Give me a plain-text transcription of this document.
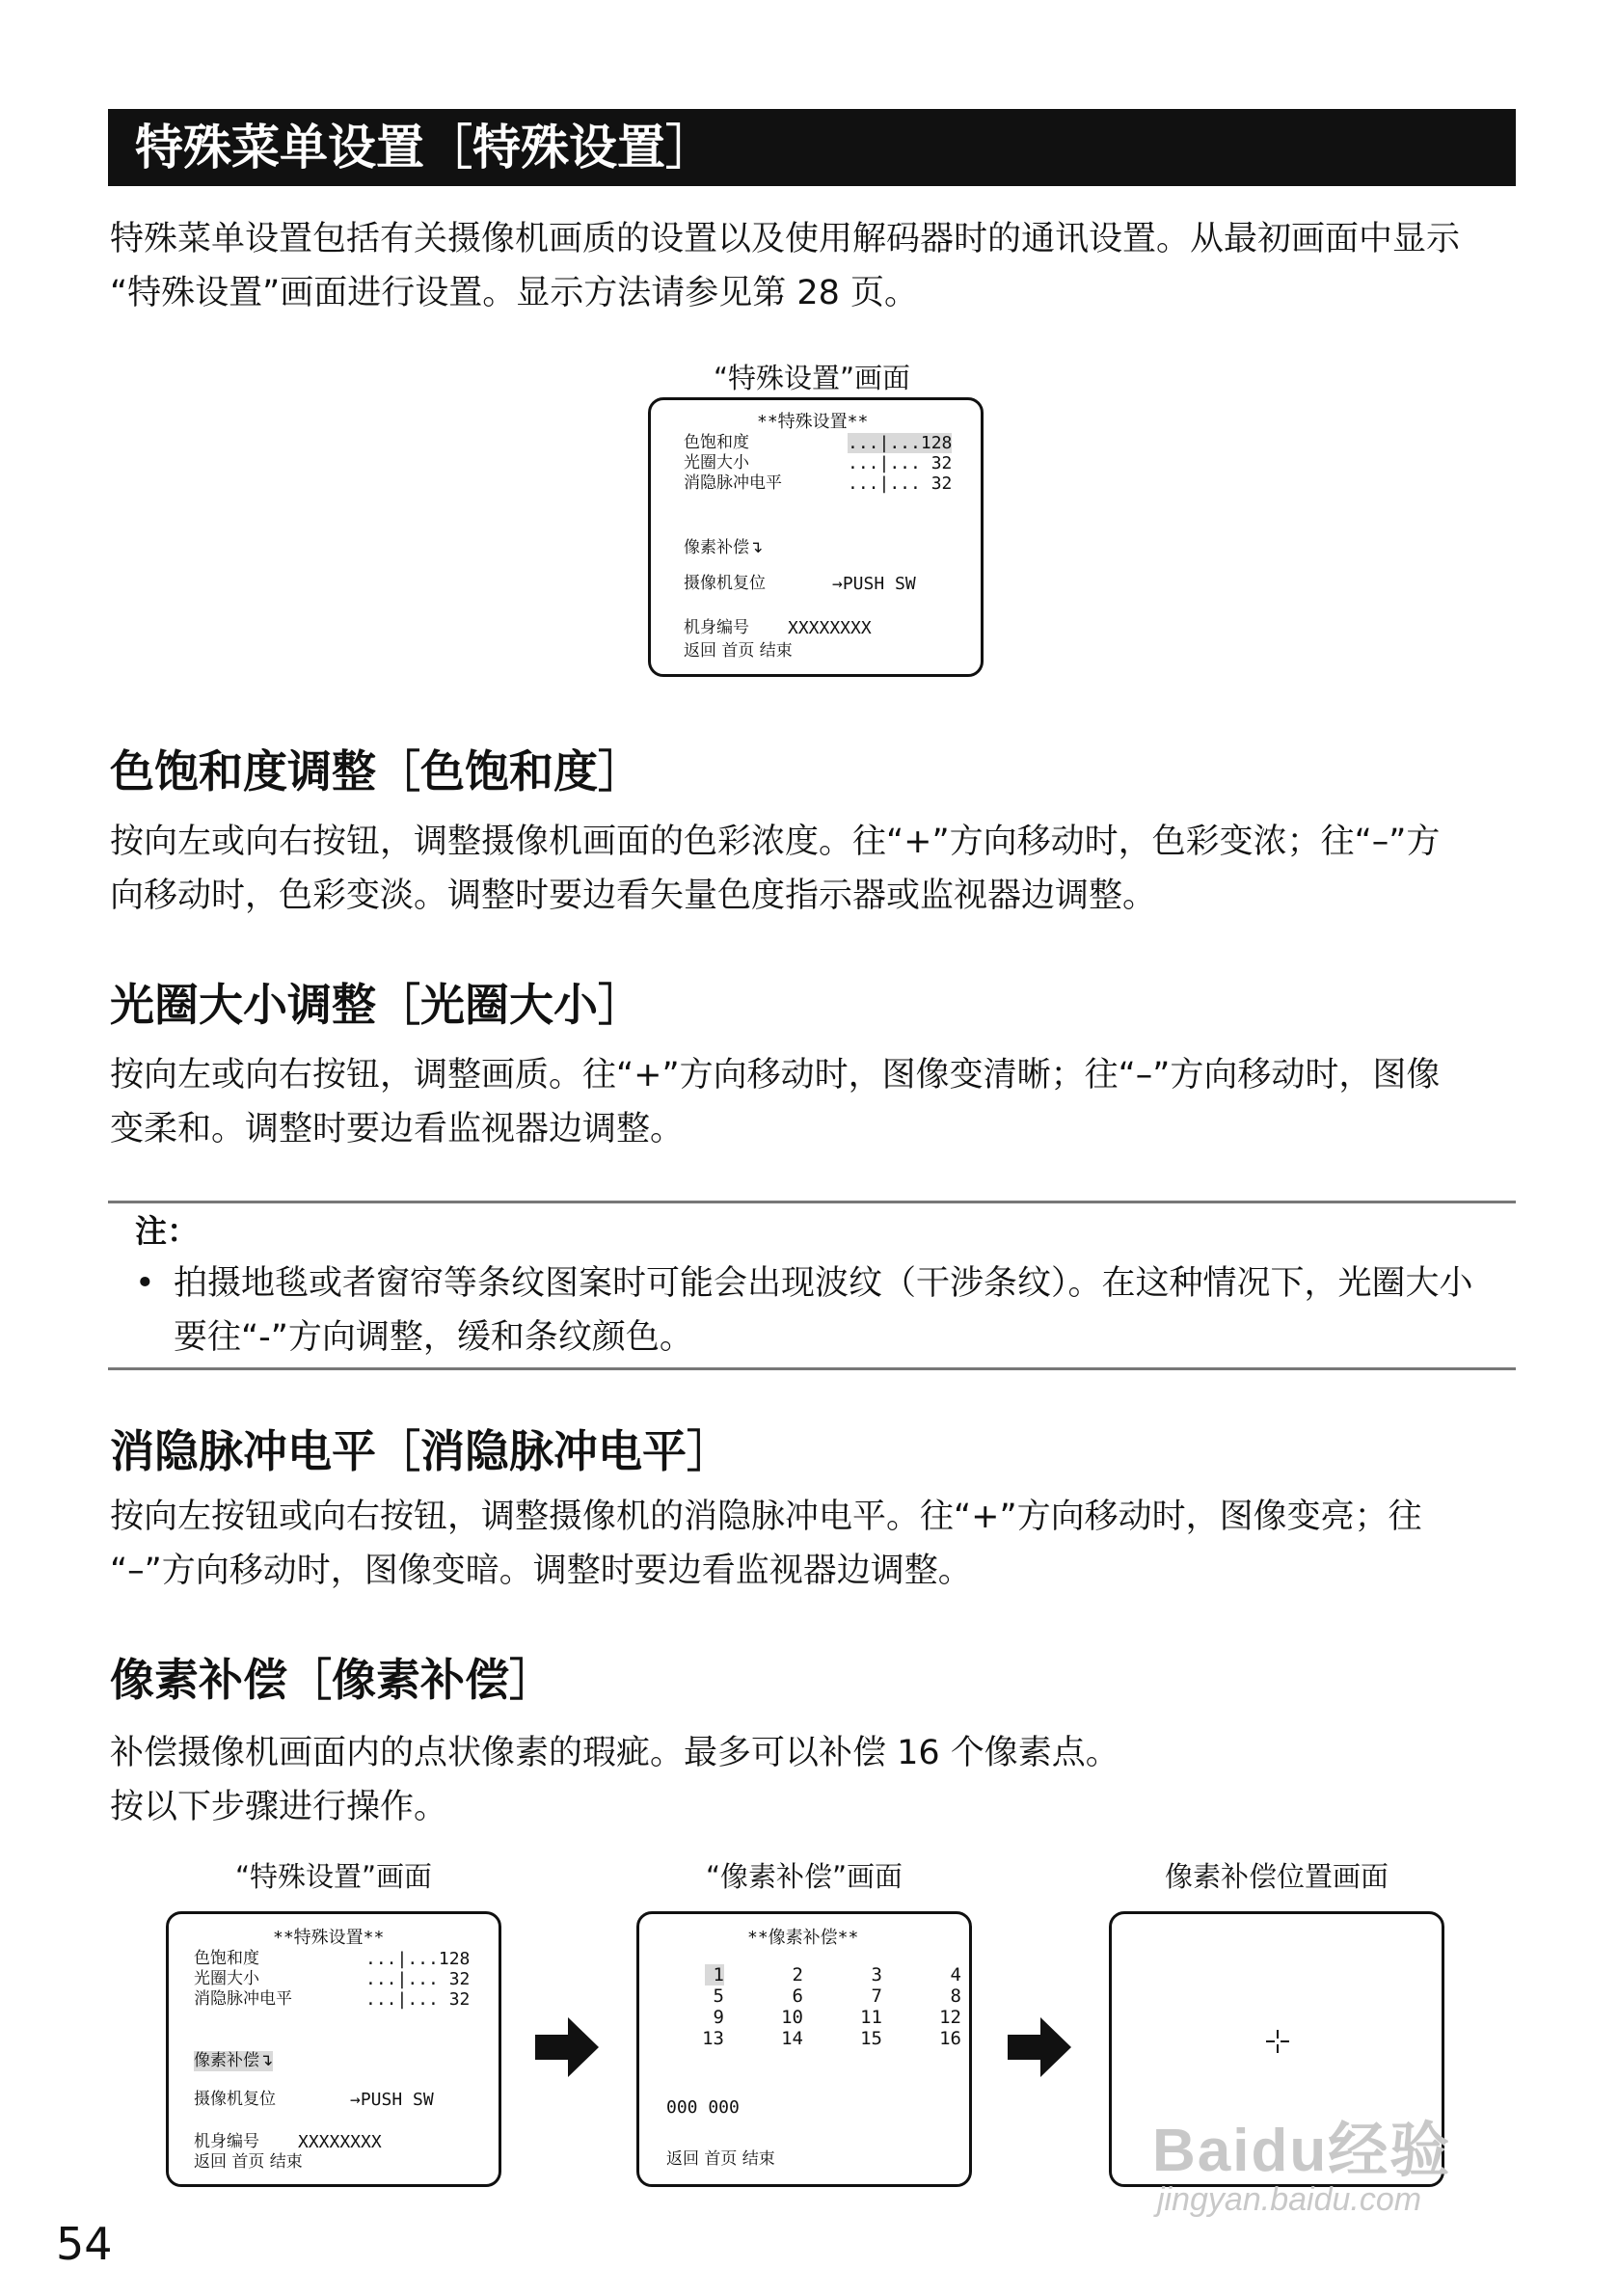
特殊菜单设置［特殊设置］
特殊菜单设置包括有关摄像机画质的设置以及使用解码器时的通讯设置。从最初画面中显示
“特殊设置”画面进行设置。显示方法请参见第 28 页。
“特殊设置”画面
**特殊设置**
色饱和度	...|...128
光圈大小	...|... 32
消隐脉冲电平	...|... 32
像素补偿↴
摄像机复位	→PUSH SW
机身编号 XXXXXXXX
返回 首页 结束
色饱和度调整［色饱和度］
按向左或向右按钮，调整摄像机画面的色彩浓度。往“+”方向移动时，色彩变浓；往“–”方
向移动时，色彩变淡。调整时要边看矢量色度指示器或监视器边调整。
光圈大小调整［光圈大小］
按向左或向右按钮，调整画质。往“+”方向移动时，图像变清晰；往“–”方向移动时，图像
变柔和。调整时要边看监视器边调整。
注：
• 拍摄地毯或者窗帘等条纹图案时可能会出现波纹（干涉条纹）。在这种情况下，光圈大小
要往“-”方向调整，缓和条纹颜色。
消隐脉冲电平［消隐脉冲电平］
按向左按钮或向右按钮，调整摄像机的消隐脉冲电平。往“+”方向移动时，图像变亮；往
“–”方向移动时，图像变暗。调整时要边看监视器边调整。
像素补偿［像素补偿］
补偿摄像机画面内的点状像素的瑕疵。最多可以补偿 16 个像素点。
按以下步骤进行操作。
“特殊设置”画面	“像素补偿”画面	像素补偿位置画面
**特殊设置**
色饱和度	...|...128
光圈大小	...|... 32
消隐脉冲电平	...|... 32
像素补偿↴
摄像机复位	→PUSH SW
机身编号 XXXXXXXX
返回 首页 结束
**像素补偿**
1	2	3	4
5	6	7	8
9	10	11	12
13	14	15	16
000 000
返回 首页 结束	Baidu经验
jingyan.baidu.com
54
